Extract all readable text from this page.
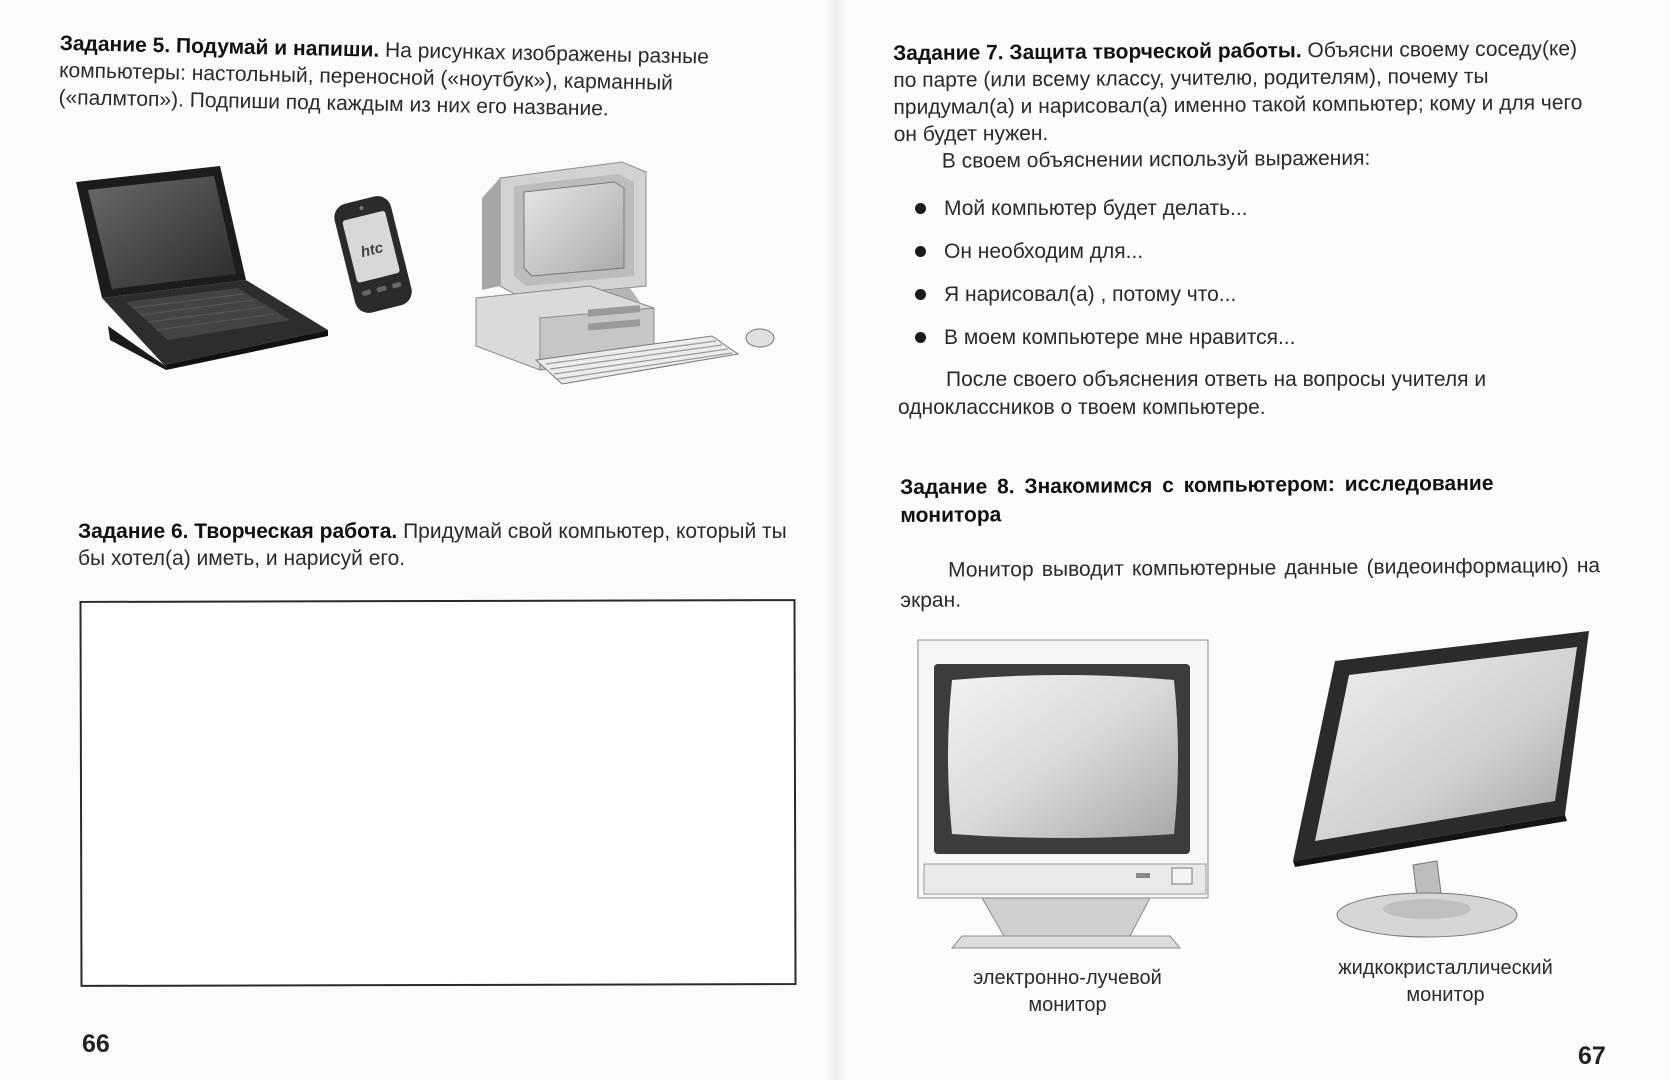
Задание 5. Подумай и напиши. На рисунках изображены разные компьютеры: настольный, переносной («ноутбук»), карманный («палмтоп»). Подпиши под каждым из них его название.
htc
Задание 6. Творческая работа. Придумай свой компьютер, который ты бы хотел(а) иметь, и нарисуй его.
66
Задание 7. Защита творческой работы. Объясни своему соседу(ке) по парте (или всему классу, учителю, родителям), почему ты придумал(а) и нарисовал(а) именно такой компьютер; кому и для чего он будет нужен.
В своем объяснении используй выражения:
Мой компьютер будет делать...
Он необходим для...
Я нарисовал(а) , потому что...
В моем компьютере мне нравится...
После своего объяснения ответь на вопросы учителя и одноклассников о твоем компьютере.
Задание 8. Знакомимся с компьютером: исследование монитора
Монитор выводит компьютерные данные (видеоинформацию) на экран.
электронно-лучевой
монитор
жидкокристаллический
монитор
67
